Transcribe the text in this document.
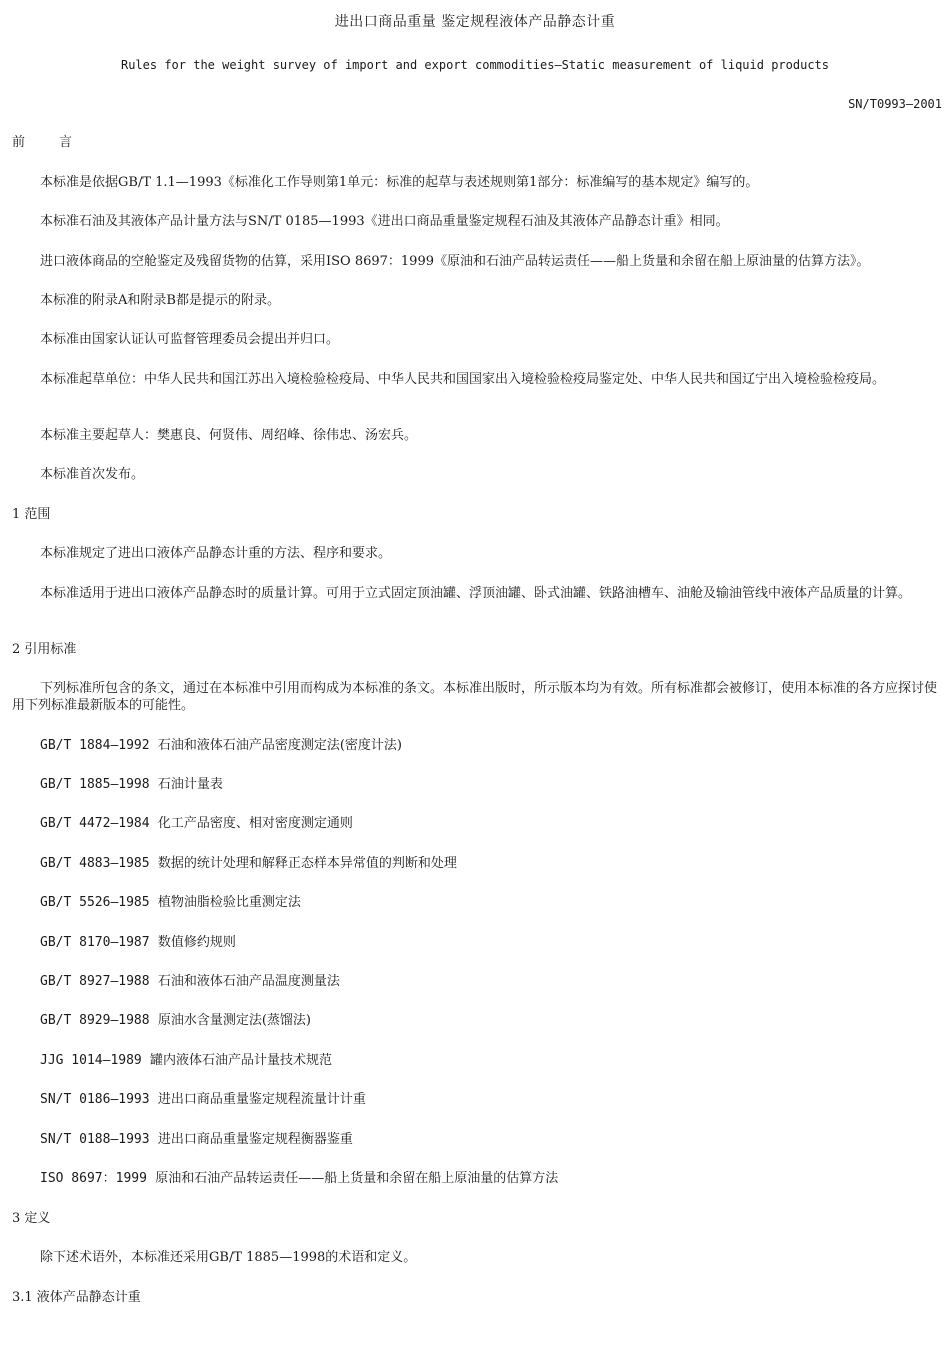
进出口商品重量 鉴定规程液体产品静态计重
Rules for the weight survey of import and export commodities—Static measurement of liquid products
SN/T0993—2001
前	言
本标准是依据GB/T 1.1—1993《标准化工作导则第1单元：标准的起草与表述规则第1部分：标准编写的基本规定》编写的。
本标准石油及其液体产品计量方法与SN/T 0185—1993《进出口商品重量鉴定规程石油及其液体产品静态计重》相同。
进口液体商品的空舱鉴定及残留货物的估算，采用ISO 8697：1999《原油和石油产品转运责任——船上货量和余留在船上原油量的估算方法》。
本标准的附录A和附录B都是提示的附录。
本标准由国家认证认可监督管理委员会提出并归口。
本标准起草单位：中华人民共和国江苏出入境检验检疫局、中华人民共和国国家出入境检验检疫局鉴定处、中华人民共和国辽宁出入境检验检疫局。
本标准主要起草人：樊惠良、何贤伟、周绍峰、徐伟忠、汤宏兵。
本标准首次发布。
1 范围
本标准规定了进出口液体产品静态计重的方法、程序和要求。
本标准适用于进出口液体产品静态时的质量计算。可用于立式固定顶油罐、浮顶油罐、卧式油罐、铁路油槽车、油舱及输油管线中液体产品质量的计算。
2 引用标准
下列标准所包含的条文，通过在本标准中引用而构成为本标准的条文。本标准出版时，所示版本均为有效。所有标准都会被修订，使用本标准的各方应探讨使用下列标准最新版本的可能性。
GB/T 1884—1992 石油和液体石油产品密度测定法(密度计法)
GB/T 1885—1998 石油计量表
GB/T 4472—1984 化工产品密度、相对密度测定通则
GB/T 4883—1985 数据的统计处理和解释正态样本异常值的判断和处理
GB/T 5526—1985 植物油脂检验比重测定法
GB/T 8170—1987 数值修约规则
GB/T 8927—1988 石油和液体石油产品温度测量法
GB/T 8929—1988 原油水含量测定法(蒸馏法)
JJG 1014—1989 罐内液体石油产品计量技术规范
SN/T 0186—1993 进出口商品重量鉴定规程流量计计重
SN/T 0188—1993 进出口商品重量鉴定规程衡器鉴重
ISO 8697：1999 原油和石油产品转运责任——船上货量和余留在船上原油量的估算方法
3 定义
除下述术语外，本标准还采用GB/T 1885—1998的术语和定义。
3.1 液体产品静态计重
